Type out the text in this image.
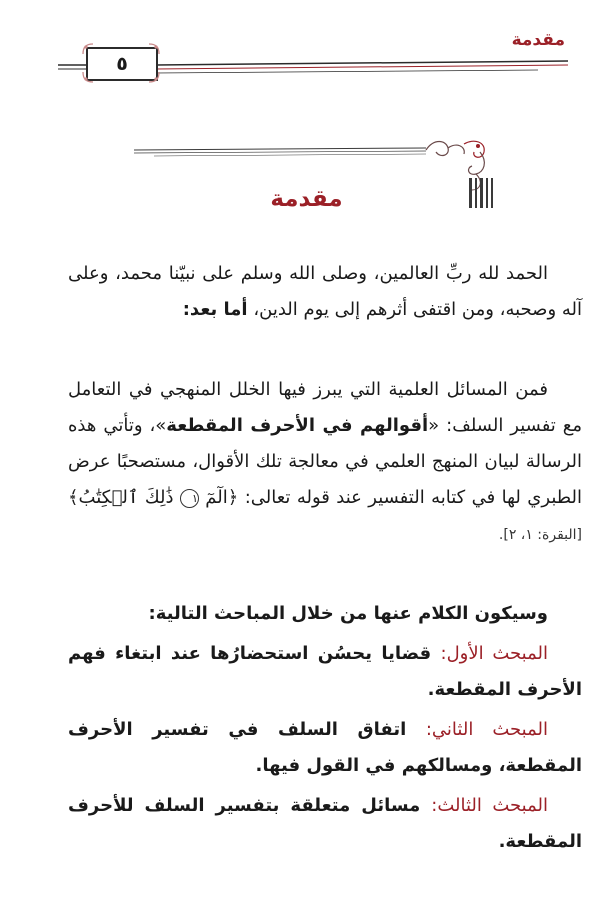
مقدمة
٥
مقدمة
الحمد لله ربِّ العالمين، وصلى الله وسلم على نبيّنا محمد، وعلى آله وصحبه، ومن اقتفى أثرهم إلى يوم الدين، أما بعد:
فمن المسائل العلمية التي يبرز فيها الخلل المنهجي في التعامل مع تفسير السلف: «أقوالهم في الأحرف المقطعة»، وتأتي هذه الرسالة لبيان المنهج العلمي في معالجة تلك الأقوال، مستصحبًا عرض الطبري لها في كتابه التفسير عند قوله تعالى: ﴿الٓمٓ ١ ذَٰلِكَ ٱلۡكِتَٰبُ﴾ [البقرة: ١، ٢].
وسيكون الكلام عنها من خلال المباحث التالية:
المبحث الأول: قضايا يحسُن استحضارُها عند ابتغاء فهم الأحرف المقطعة.
المبحث الثاني: اتفاق السلف في تفسير الأحرف المقطعة، ومسالكهم في القول فيها.
المبحث الثالث: مسائل متعلقة بتفسير السلف للأحرف المقطعة.
